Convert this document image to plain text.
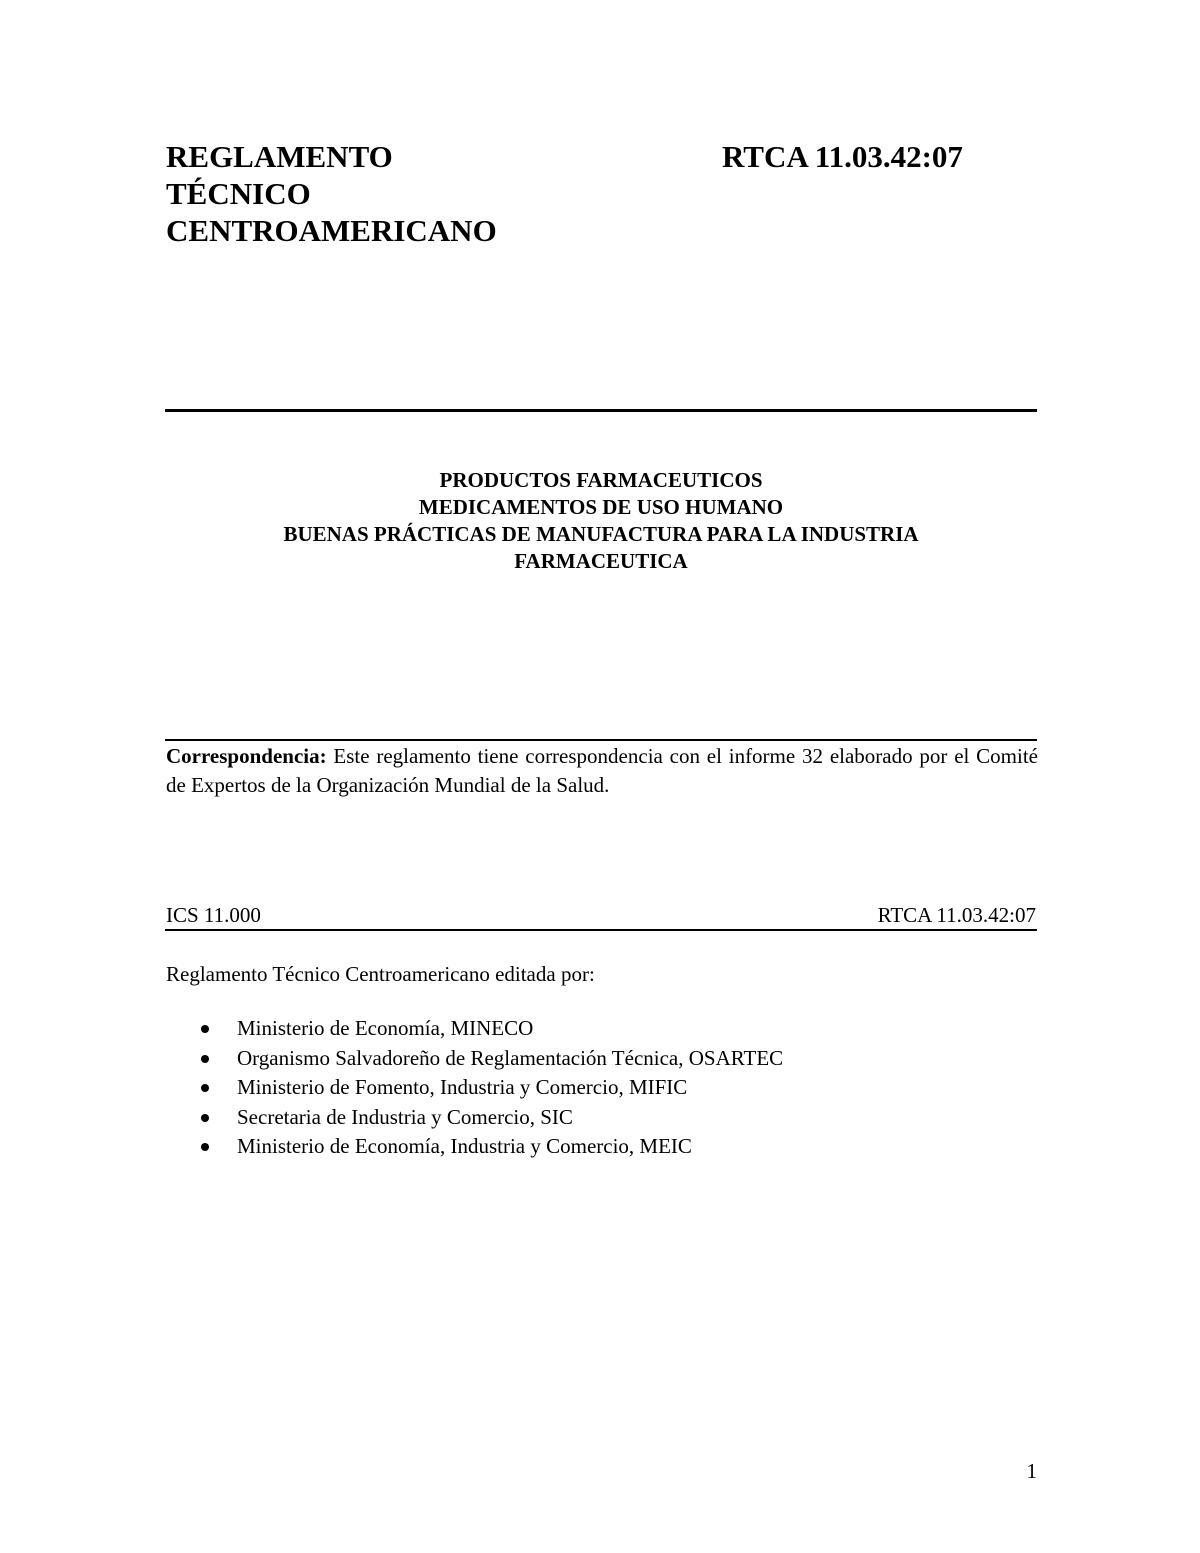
REGLAMENTO
TÉCNICO
CENTROAMERICANO
RTCA 11.03.42:07
PRODUCTOS FARMACEUTICOS
MEDICAMENTOS DE USO HUMANO
BUENAS PRÁCTICAS DE MANUFACTURA PARA LA INDUSTRIA
FARMACEUTICA

Correspondencia: Este reglamento tiene correspondencia con el informe 32 elaborado por el Comité de Expertos de la Organización Mundial de la Salud.

ICS 11.000	RTCA 11.03.42:07

Reglamento Técnico Centroamericano editada por:

Ministerio de Economía, MINECO
Organismo Salvadoreño de Reglamentación Técnica, OSARTEC
Ministerio de Fomento, Industria y Comercio, MIFIC
Secretaria de Industria y Comercio, SIC
Ministerio de Economía, Industria y Comercio, MEIC

1
